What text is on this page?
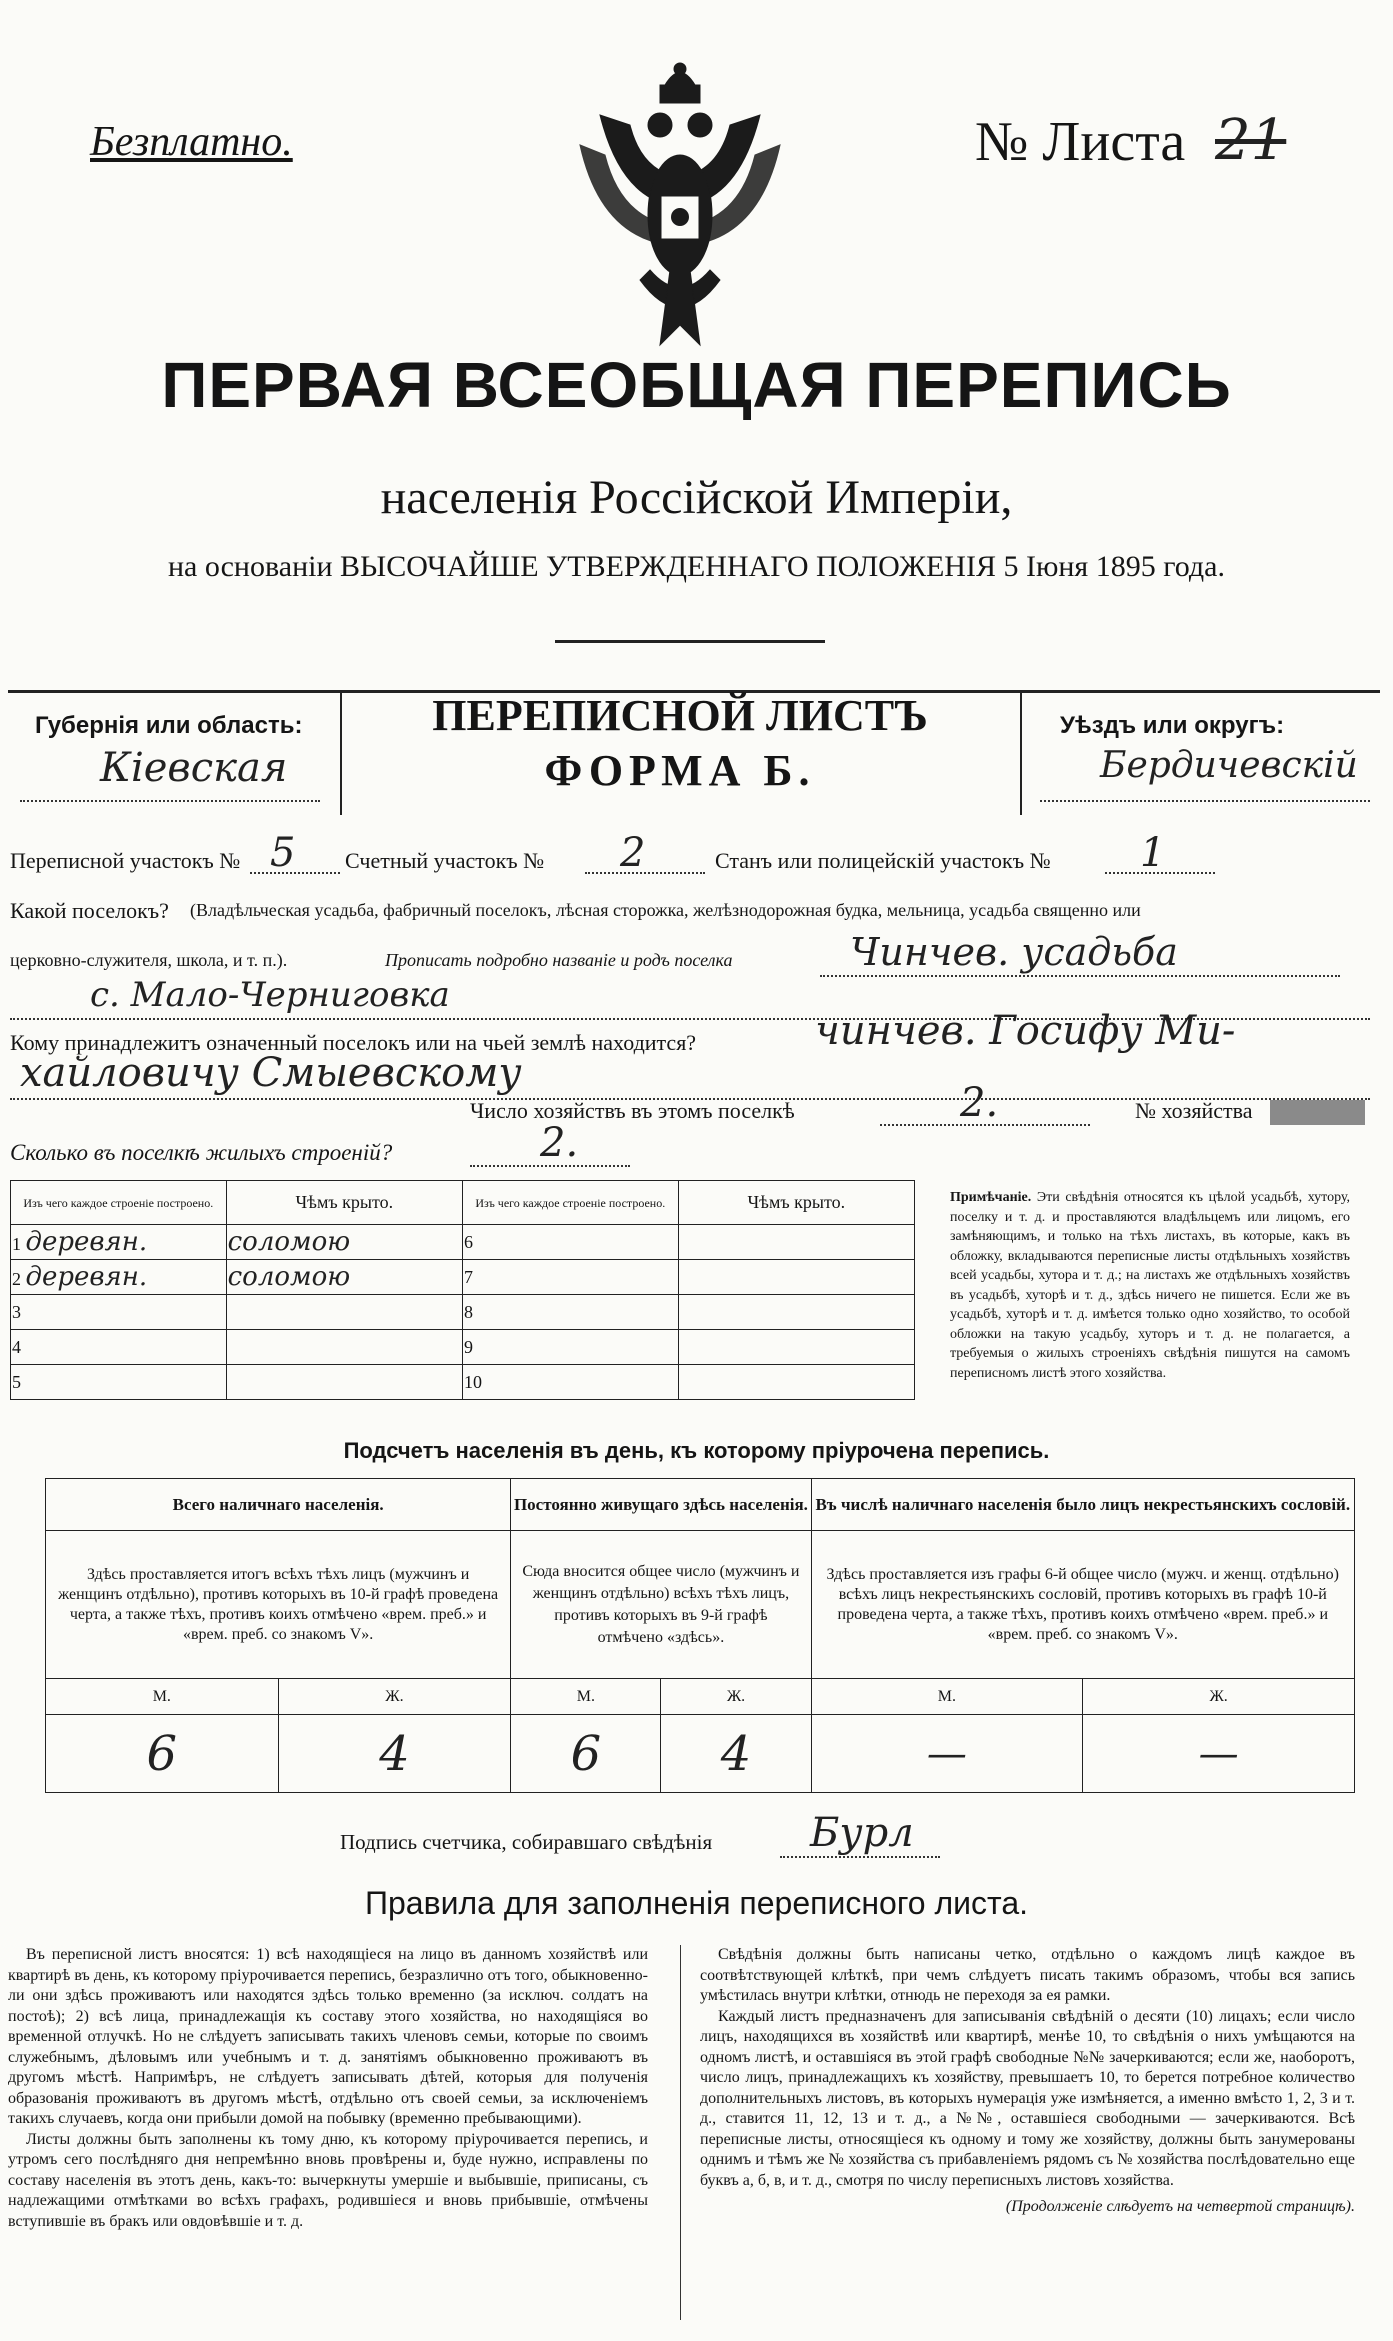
Безплатно.	№ Листа 21
ПЕРВАЯ ВСЕОБЩАЯ ПЕРЕПИСЬ
населенія Россійской Имперіи,
на основаніи ВЫСОЧАЙШЕ УТВЕРЖДЕННАГО ПОЛОЖЕНІЯ 5 Іюня 1895 года.
Губернія или область:
Кіевская
ПЕРЕПИСНОЙ ЛИСТЪ
ФОРМА Б.
Уѣздъ или округъ:
Бердичевскій
Переписной участокъ № 5 Счетный участокъ № 2	Станъ или полицейскій участокъ № 1
Какой поселокъ? (Владѣльческая усадьба, фабричный поселокъ, лѣсная сторожка, желѣзнодорожная будка, мельница, усадьба священно или
церковно-служителя, школа, и т. п.).	Прописать подробно названіе и родъ поселка	Чинчев. усадьба
с. Мало-Черниговка
Кому принадлежитъ означенный поселокъ или на чьей землѣ находится?	чинчев. Госифу Ми-
хайловичу Смыевскому
Число хозяйствъ въ этомъ поселкѣ	2.	№ хозяйства
Сколько въ поселкѣ жилыхъ строеній?	2.
Изъ чего каждое строеніе построено.	Чѣмъ крыто.	Изъ чего каждое строеніе построено.	Чѣмъ крыто.
1 деревян.	соломою	6	
2 деревян.	соломою	7	
3		8	
4		9	
5		10	
Примѣчаніе. Эти свѣдѣнія относятся къ цѣлой усадьбѣ, хутору, поселку и т. д. и проставляются владѣльцемъ или лицомъ, его замѣняющимъ, и только на тѣхъ листахъ, въ которые, какъ въ обложку, вкладываются переписные листы отдѣльныхъ хозяйствъ всей усадьбы, хутора и т. д.; на листахъ же отдѣльныхъ хозяйствъ въ усадьбѣ, хуторѣ и т. д., здѣсь ничего не пишется. Если же въ усадьбѣ, хуторѣ и т. д. имѣется только одно хозяйство, то особой обложки на такую усадьбу, хуторъ и т. д. не полагается, а требуемыя о жилыхъ строеніяхъ свѣдѣнія пишутся на самомъ переписномъ листѣ этого хозяйства.
Подсчетъ населенія въ день, къ которому пріурочена перепись.
Всего наличнаго населенія.		Постоянно живущаго здѣсь населенія.		Въ числѣ наличнаго населенія было лицъ некрестьянскихъ сословій.	
Здѣсь проставляется итогъ всѣхъ тѣхъ лицъ (мужчинъ и женщинъ отдѣльно), противъ которыхъ въ 10-й графѣ проведена черта, а также тѣхъ, противъ коихъ отмѣчено «врем. преб.» и «врем. преб. со знакомъ V».		Сюда вносится общее число (мужчинъ и женщинъ отдѣльно) всѣхъ тѣхъ лицъ, противъ которыхъ въ 9-й графѣ отмѣчено «здѣсь».		Здѣсь проставляется изъ графы 6-й общее число (мужч. и женщ. отдѣльно) всѣхъ лицъ некрестьянскихъ сословій, противъ которыхъ въ графѣ 10-й проведена черта, а также тѣхъ, противъ коихъ отмѣчено «врем. преб.» и «врем. преб. со знакомъ V».	
М.	Ж.	М.	Ж.	М.	Ж.
6	4	6	4	—	—
Подпись счетчика, собиравшаго свѣдѣнія Бурл
Правила для заполненія переписного листа.

Въ переписной листъ вносятся: 1) всѣ находящіеся на лицо въ данномъ хозяйствѣ или квартирѣ въ день, къ которому пріурочивается перепись, безразлично отъ того, обыкновенно-ли они здѣсь проживаютъ или находятся здѣсь только временно (за исключ. солдатъ на постоѣ); 2) всѣ лица, принадлежащія къ составу этого хозяйства, но находящіяся во временной отлучкѣ. Но не слѣдуетъ записывать такихъ членовъ семьи, которые по своимъ служебнымъ, дѣловымъ или учебнымъ и т. д. занятіямъ обыкновенно проживаютъ въ другомъ мѣстѣ. Напримѣръ, не слѣдуетъ записывать дѣтей, которыя для полученія образованія проживаютъ въ другомъ мѣстѣ, отдѣльно отъ своей семьи, за исключеніемъ такихъ случаевъ, когда они прибыли домой на побывку (временно пребывающими).

Листы должны быть заполнены къ тому дню, къ которому пріурочивается перепись, и утромъ сего послѣдняго дня непремѣнно вновь провѣрены и, буде нужно, исправлены по составу населенія въ этотъ день, какъ-то: вычеркнуты умершіе и выбывшіе, приписаны, съ надлежащими отмѣтками во всѣхъ графахъ, родившіеся и вновь прибывшіе, отмѣчены вступившіе въ бракъ или овдовѣвшіе и т. д.

Свѣдѣнія должны быть написаны четко, отдѣльно о каждомъ лицѣ каждое въ соотвѣтствующей клѣткѣ, при чемъ слѣдуетъ писать такимъ образомъ, чтобы вся запись умѣстилась внутри клѣтки, отнюдь не переходя за ея рамки.

Каждый листъ предназначенъ для записыванія свѣдѣній о десяти (10) лицахъ; если число лицъ, находящихся въ хозяйствѣ или квартирѣ, менѣе 10, то свѣдѣнія о нихъ умѣщаются на одномъ листѣ, и оставшіяся въ этой графѣ свободные №№ зачеркиваются; если же, наоборотъ, число лицъ, принадлежащихъ къ хозяйству, превышаетъ 10, то берется потребное количество дополнительныхъ листовъ, въ которыхъ нумерація уже измѣняется, а именно вмѣсто 1, 2, 3 и т. д., ставится 11, 12, 13 и т. д., а №№, оставшіеся свободными — зачеркиваются. Всѣ переписные листы, относящіеся къ одному и тому же хозяйству, должны быть занумерованы однимъ и тѣмъ же № хозяйства съ прибавленіемъ рядомъ съ № хозяйства послѣдовательно еще буквъ а, б, в, и т. д., смотря по числу переписныхъ листовъ хозяйства.

(Продолженіе слѣдуетъ на четвертой страницѣ).
